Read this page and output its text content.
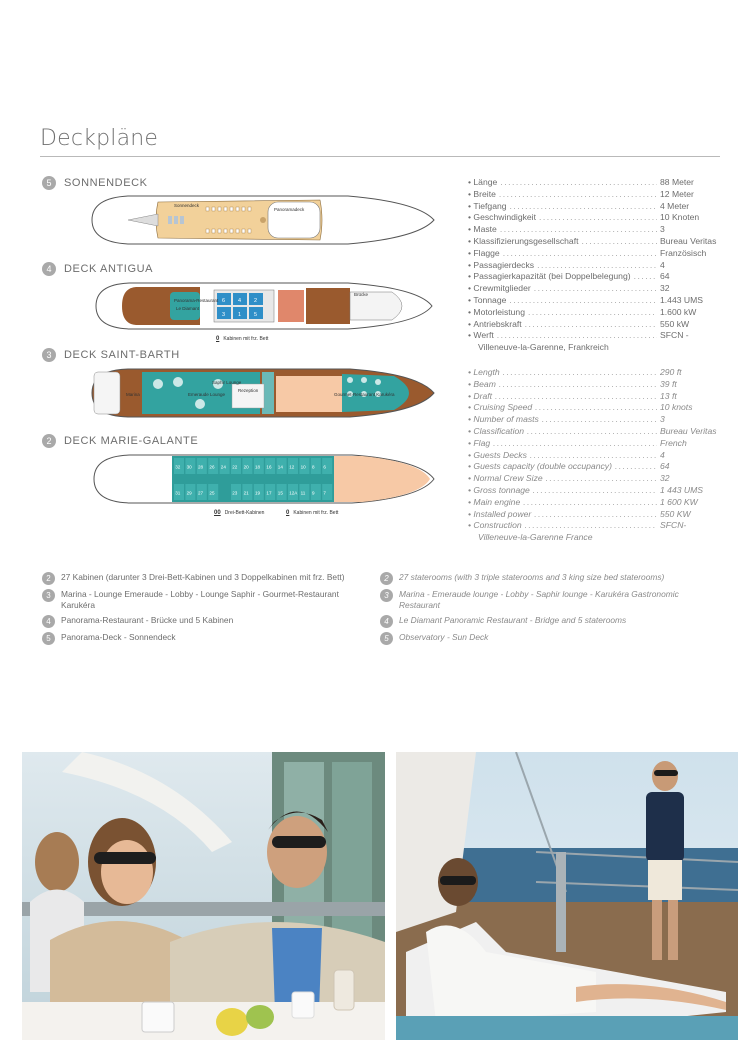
Deckpläne
5	SONNENDECK
4	DECK ANTIGUA
3	DECK SAINT-BARTH
2	DECK MARIE-GALANTE
Sonnendeck
Panoramadeck
Panorama-Restaurant
Le Diamant
Brücke
6 4 2
3 1 5
0 Kabinen mit frz. Bett
Marina
Saphir Lounge
Rezeption
Emeraude Lounge	Gourmet-Restaurant Karukéra
32 30 28 26 24 22 20 18 16 14 12 10 8 6
31 29 27 25	23 21 19 17 15 12A 11 9 7
00 Drei-Bett-Kabinen	0 Kabinen mit frz. Bett
• Länge .....	88 Meter
• Breite .....	12 Meter
• Tiefgang .....	4 Meter
• Geschwindigkeit .....	10 Knoten
• Maste .....	3
• Klassifizierungsgesellschaft .....	Bureau Veritas
• Flagge .....	Französisch
• Passagierdecks .....	4
• Passagierkapazität (bei Doppelbelegung) .....	64
• Crewmitglieder .....	32
• Tonnage .....	1.443 UMS
• Motorleistung .....	1.600 kW
• Antriebskraft .....	550 kW
• Werft .....	SFCN -
Villeneuve-la-Garenne, Frankreich
• Length .....	290 ft
• Beam .....	39 ft
• Draft .....	13 ft
• Cruising Speed .....	10 knots
• Number of masts .....	3
• Classification .....	Bureau Veritas
• Flag .....	French
• Guests Decks .....	4
• Guests capacity (double occupancy) .....	64
• Normal Crew Size .....	32
• Gross tonnage .....	1 443 UMS
• Main engine .....	1 600 KW
• Installed power .....	550 KW
• Construction .....	SFCN-
Villeneuve-la-Garenne France
2	27 Kabinen (darunter 3 Drei-Bett-Kabinen und 3 Doppelkabinen mit frz. Bett)
3	Marina - Lounge Emeraude - Lobby - Lounge Saphir - Gourmet-Restaurant Karukéra
4	Panorama-Restaurant - Brücke und 5 Kabinen
5	Panorama-Deck - Sonnendeck
2	27 staterooms (with 3 triple staterooms and 3 king size bed staterooms)
3	Marina - Emeraude lounge - Lobby - Saphir lounge - Karukéra Gastronomic Restaurant
4	Le Diamant Panoramic Restaurant - Bridge and 5 staterooms
5	Observatory - Sun Deck
